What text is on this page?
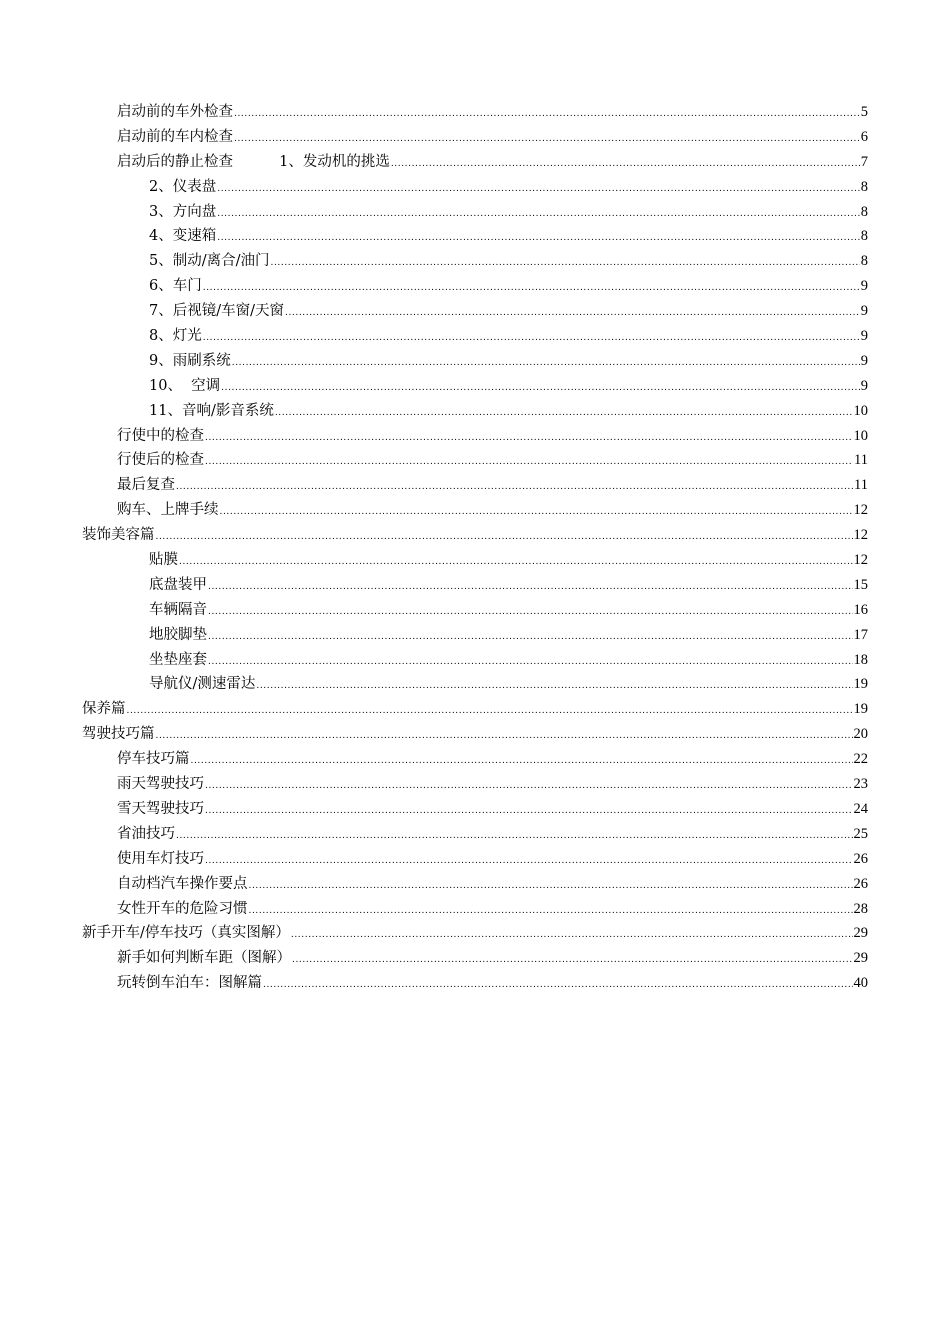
启动前的车外检查 .....	5
启动前的车内检查 .....	6
启动后的静止检查          1、发动机的挑选 .....	7
2、仪表盘 .....	8
3、方向盘 .....	8
4、变速箱 .....	8
5、制动/离合/油门 .....	8
6、车门 .....	9
7、后视镜/车窗/天窗 .....	9
8、灯光 .....	9
9、雨刷系统 .....	9
10、  空调 .....	9
11、音响/影音系统 .....	10
行使中的检查 .....	10
行使后的检查 .....	11
最后复查 .....	11
购车、上牌手续 .....	12
装饰美容篇 .....	12
贴膜 .....	12
底盘装甲 .....	15
车辆隔音 .....	16
地胶脚垫 .....	17
坐垫座套 .....	18
导航仪/测速雷达 .....	19
保养篇 .....	19
驾驶技巧篇 .....	20
停车技巧篇 .....	22
雨天驾驶技巧 .....	23
雪天驾驶技巧 .....	24
省油技巧 .....	25
使用车灯技巧 .....	26
自动档汽车操作要点 .....	26
女性开车的危险习惯 .....	28
新手开车/停车技巧（真实图解） .....	29
新手如何判断车距（图解） .....	29
玩转倒车泊车：图解篇 .....	40
